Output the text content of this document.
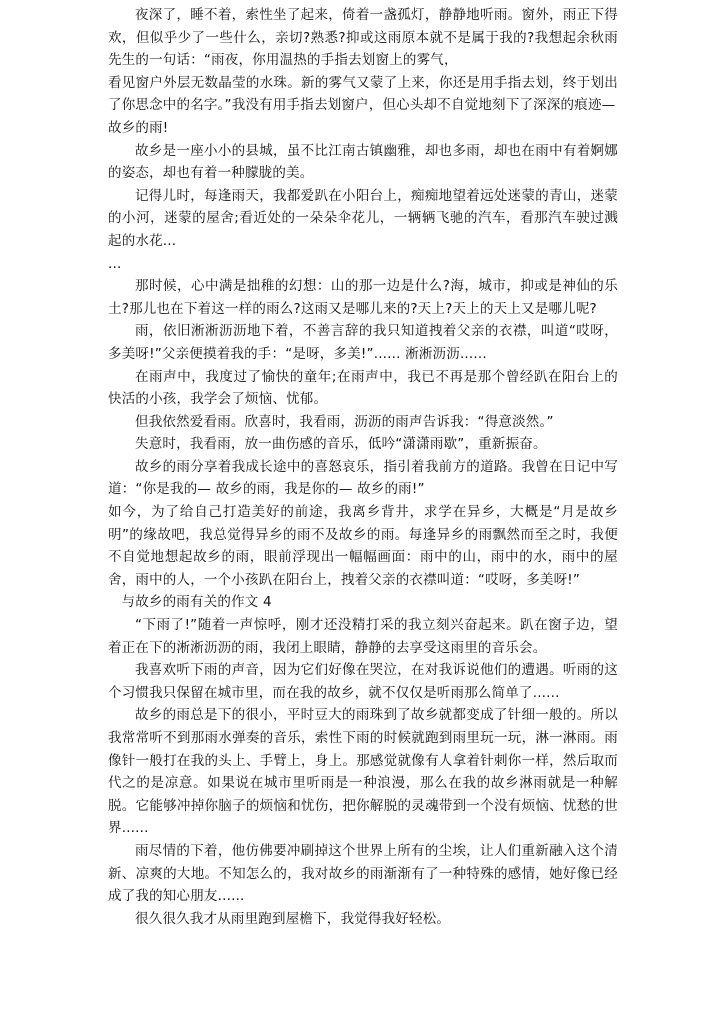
夜深了，睡不着，索性坐了起来，倚着一盏孤灯，静静地听雨。窗外，雨正下得欢，但似乎少了一些什么，亲切?熟悉?抑或这雨原本就不是属于我的?我想起余秋雨先生的一句话：“雨夜，你用温热的手指去划窗上的雾气，

看见窗户外层无数晶莹的水珠。新的雾气又蒙了上来，你还是用手指去划，终于划出了你思念中的名字。”我没有用手指去划窗户，但心头却不自觉地刻下了深深的痕迹—

故乡的雨!

故乡是一座小小的县城，虽不比江南古镇幽雅，却也多雨，却也在雨中有着婀娜的姿态，却也有着一种朦胧的美。

记得儿时，每逢雨天，我都爱趴在小阳台上，痴痴地望着远处迷蒙的青山，迷蒙的小河，迷蒙的屋舍;看近处的一朵朵伞花儿，一辆辆飞驰的汽车，看那汽车驶过溅起的水花...

...

那时候，心中满是拙稚的幻想：山的那一边是什么?海，城市，抑或是神仙的乐土?那儿也在下着这一样的雨么?这雨又是哪儿来的?天上?天上的天上又是哪儿呢?

雨，依旧淅淅沥沥地下着，不善言辞的我只知道拽着父亲的衣襟，叫道“哎呀，多美呀!”父亲便摸着我的手：“是呀，多美!”...... 淅淅沥沥......

在雨声中，我度过了愉快的童年;在雨声中，我已不再是那个曾经趴在阳台上的快活的小孩，我学会了烦恼、忧郁。

但我依然爱看雨。欣喜时，我看雨，沥沥的雨声告诉我：“得意淡然。”

失意时，我看雨，放一曲伤感的音乐，低吟“潇潇雨歇”，重新振奋。

故乡的雨分享着我成长途中的喜怒哀乐，指引着我前方的道路。我曾在日记中写道：“你是我的— 故乡的雨，我是你的— 故乡的雨!”

如今，为了给自己打造美好的前途，我离乡背井，求学在异乡，大概是“月是故乡明”的缘故吧，我总觉得异乡的雨不及故乡的雨。每逢异乡的雨飘然而至之时，我便不自觉地想起故乡的雨，眼前浮现出一幅幅画面：雨中的山，雨中的水，雨中的屋舍，雨中的人，一个小孩趴在阳台上，拽着父亲的衣襟叫道：“哎呀，多美呀!”

与故乡的雨有关的作文 4

“下雨了!”随着一声惊呼，刚才还没精打采的我立刻兴奋起来。趴在窗子边，望着正在下的淅淅沥沥的雨，我闭上眼睛，静静的去享受这雨里的音乐会。

我喜欢听下雨的声音，因为它们好像在哭泣，在对我诉说他们的遭遇。听雨的这个习惯我只保留在城市里，而在我的故乡，就不仅仅是听雨那么简单了......

故乡的雨总是下的很小，平时豆大的雨珠到了故乡就都变成了针细一般的。所以我常常听不到那雨水弹奏的音乐，索性下雨的时候就跑到雨里玩一玩，淋一淋雨。雨像针一般打在我的头上、手臂上，身上。那感觉就像有人拿着针刺你一样，然后取而代之的是凉意。如果说在城市里听雨是一种浪漫，那么在我的故乡淋雨就是一种解脱。它能够冲掉你脑子的烦恼和忧伤，把你解脱的灵魂带到一个没有烦恼、忧愁的世界......

雨尽情的下着，他仿佛要冲刷掉这个世界上所有的尘埃，让人们重新融入这个清新、凉爽的大地。不知怎么的，我对故乡的雨渐渐有了一种特殊的感情，她好像已经成了我的知心朋友......

很久很久我才从雨里跑到屋檐下，我觉得我好轻松。
